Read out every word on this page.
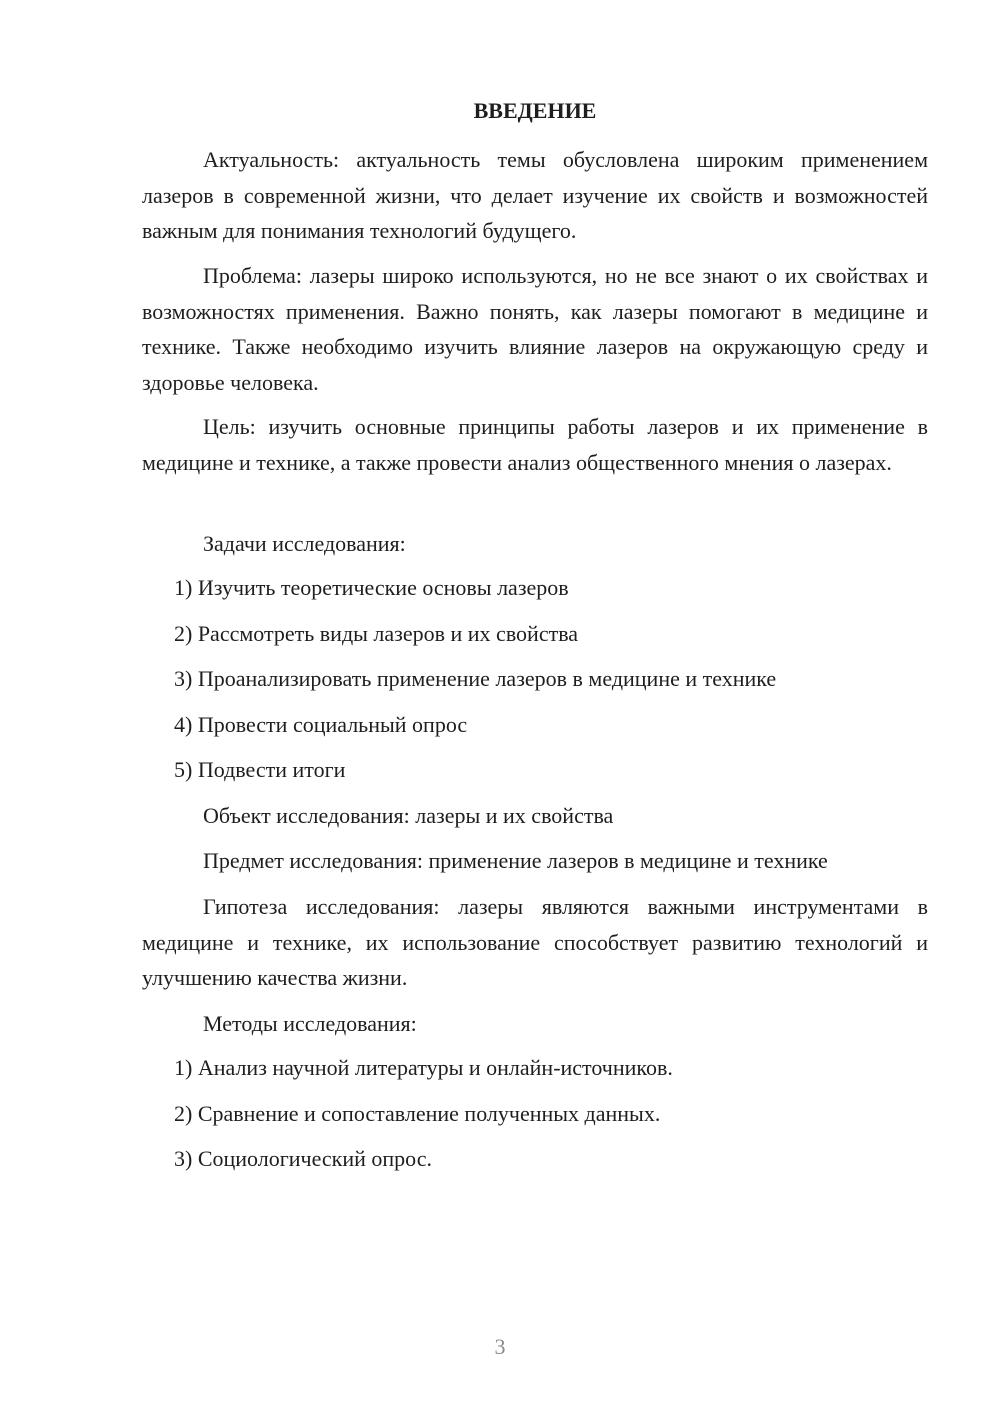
ВВЕДЕНИЕ

Актуальность: актуальность темы обусловлена широким применением лазеров в современной жизни, что делает изучение их свойств и возможностей важным для понимания технологий будущего.

Проблема: лазеры широко используются, но не все знают о их свойствах и возможностях применения. Важно понять, как лазеры помогают в медицине и технике. Также необходимо изучить влияние лазеров на окружающую среду и здоровье человека.

Цель: изучить основные принципы работы лазеров и их применение в медицине и технике, а также провести анализ общественного мнения о лазерах.

Задачи исследования:

1) Изучить теоретические основы лазеров

2) Рассмотреть виды лазеров и их свойства

3) Проанализировать применение лазеров в медицине и технике

4) Провести социальный опрос

5) Подвести итоги

Объект исследования: лазеры и их свойства

Предмет исследования: применение лазеров в медицине и технике

Гипотеза исследования: лазеры являются важными инструментами в медицине и технике, их использование способствует развитию технологий и улучшению качества жизни.

Методы исследования:

1) Анализ научной литературы и онлайн-источников.

2) Сравнение и сопоставление полученных данных.

3) Социологический опрос.

3
